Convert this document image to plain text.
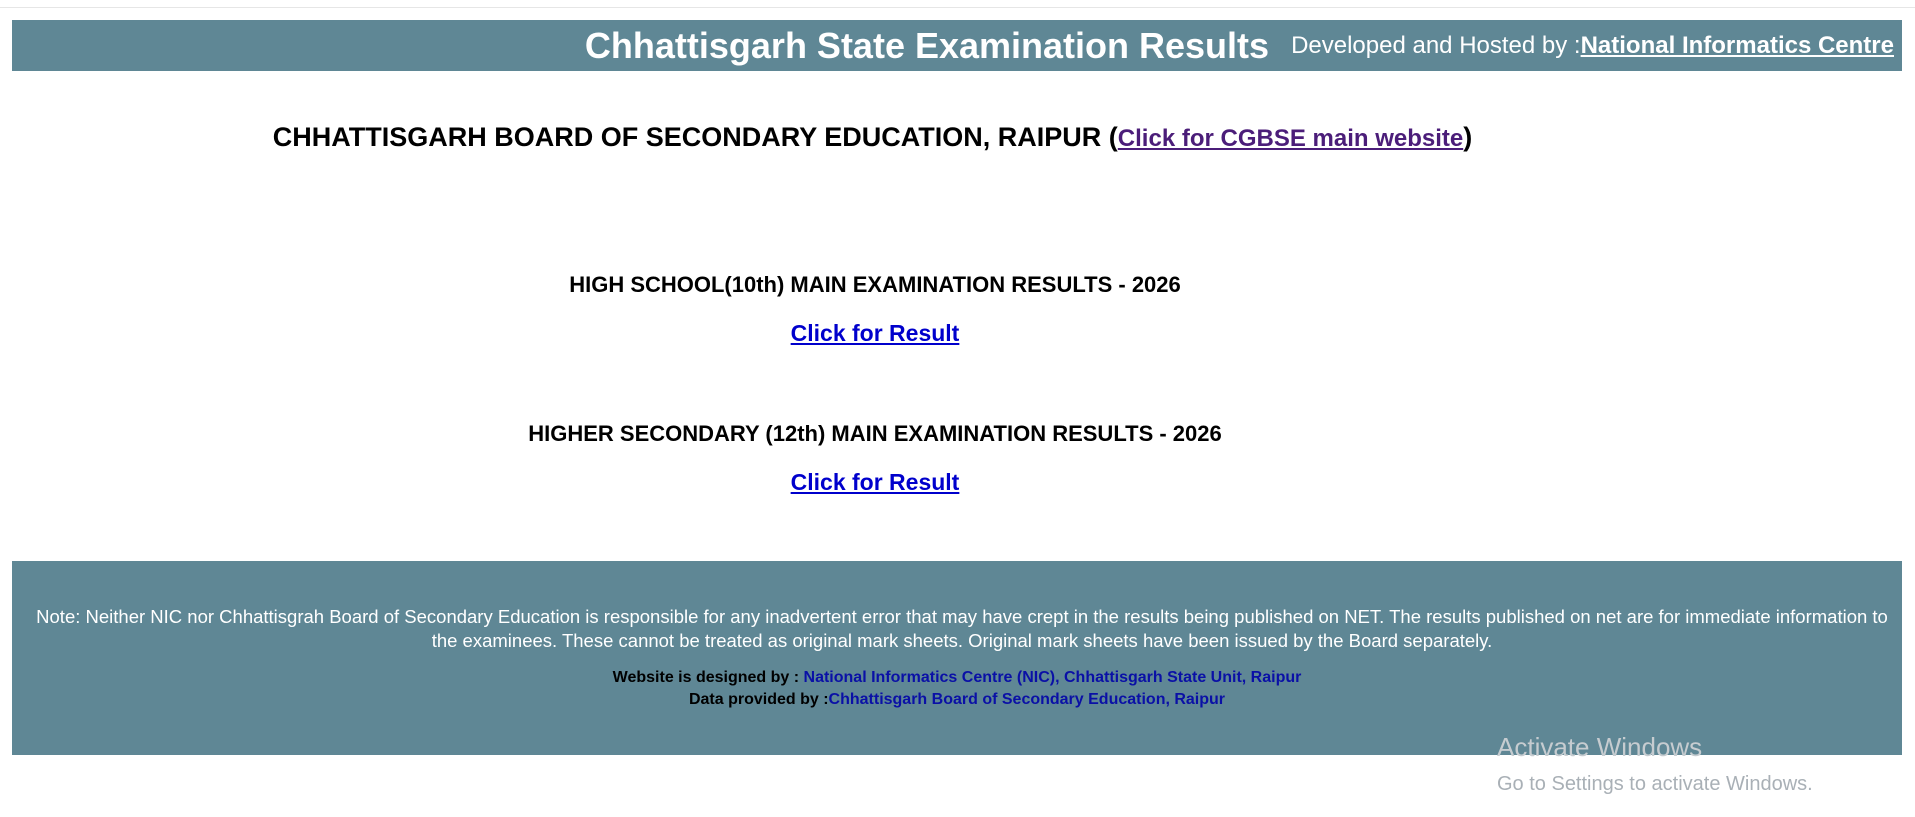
Chhattisgarh State Examination Results Developed and Hosted by : National Informatics Centre
CHHATTISGARH BOARD OF SECONDARY EDUCATION, RAIPUR (Click for CGBSE main website)
HIGH SCHOOL(10th) MAIN EXAMINATION RESULTS - 2026
Click for Result
HIGHER SECONDARY (12th) MAIN EXAMINATION RESULTS - 2026
Click for Result
Note: Neither NIC nor Chhattisgrah Board of Secondary Education is responsible for any inadvertent error that may have crept in the results being published on NET. The results published on net are for immediate information to the examinees. These cannot be treated as original mark sheets. Original mark sheets have been issued by the Board separately.
Website is designed by : National Informatics Centre (NIC), Chhattisgarh State Unit, Raipur
Data provided by :Chhattisgarh Board of Secondary Education, Raipur
Activate Windows
Go to Settings to activate Windows.
